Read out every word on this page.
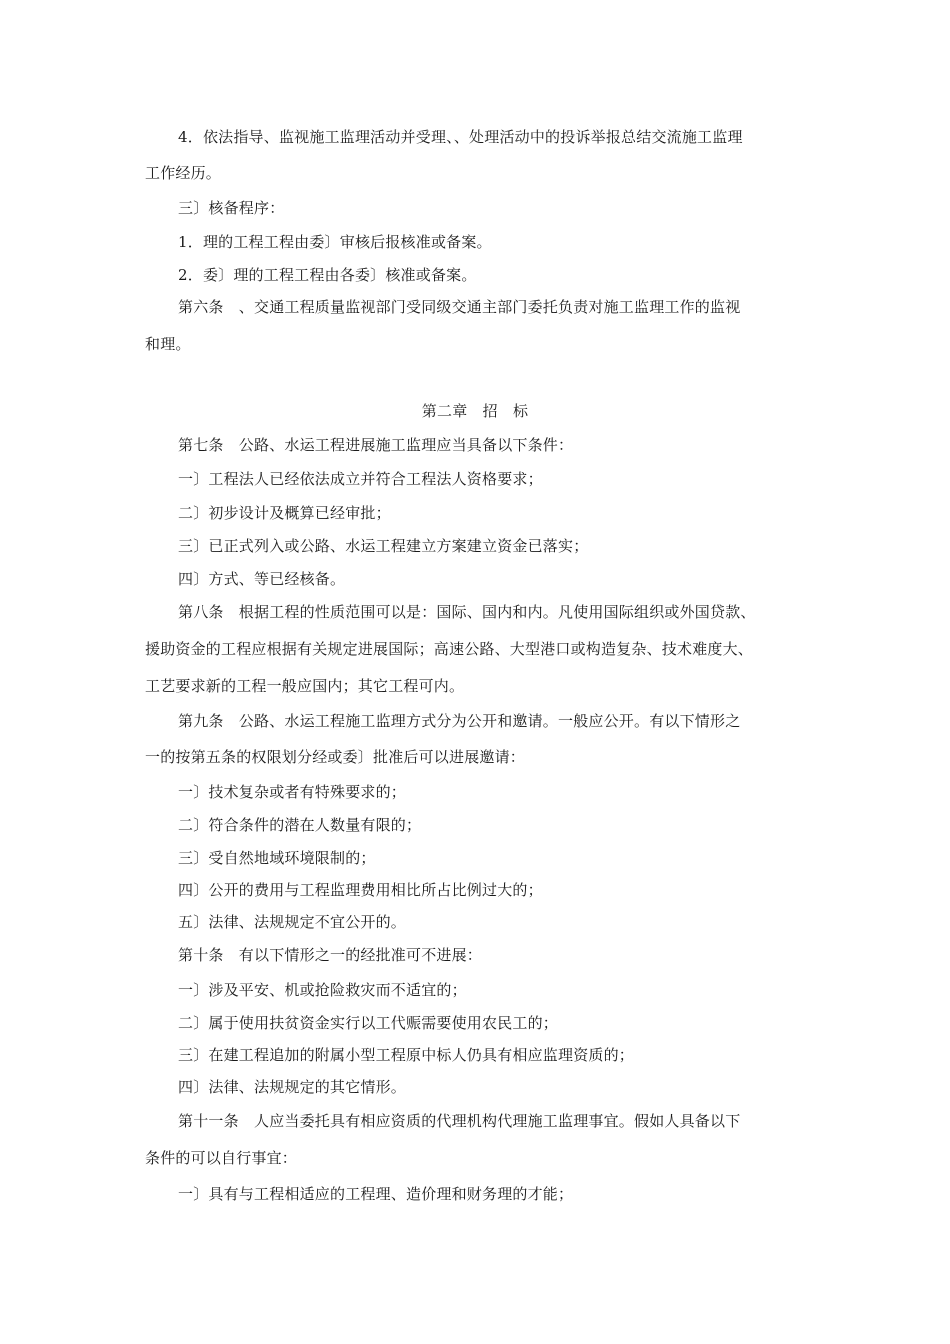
4．依法指导、监视施工监理活动并受理、、处理活动中的投诉举报总结交流施工监理
工作经历。
三〕核备程序：
1．理的工程工程由委〕审核后报核准或备案。
2．委〕理的工程工程由各委〕核准或备案。
第六条　、交通工程质量监视部门受同级交通主部门委托负责对施工监理工作的监视
和理。
第二章　招　标
第七条　公路、水运工程进展施工监理应当具备以下条件：
一〕工程法人已经依法成立并符合工程法人资格要求；
二〕初步设计及概算已经审批；
三〕已正式列入或公路、水运工程建立方案建立资金已落实；
四〕方式、等已经核备。
第八条　根据工程的性质范围可以是：国际、国内和内。凡使用国际组织或外国贷款、
援助资金的工程应根据有关规定进展国际；高速公路、大型港口或构造复杂、技术难度大、
工艺要求新的工程一般应国内；其它工程可内。
第九条　公路、水运工程施工监理方式分为公开和邀请。一般应公开。有以下情形之
一的按第五条的权限划分经或委〕批准后可以进展邀请：
一〕技术复杂或者有特殊要求的；
二〕符合条件的潜在人数量有限的；
三〕受自然地域环境限制的；
四〕公开的费用与工程监理费用相比所占比例过大的；
五〕法律、法规规定不宜公开的。
第十条　有以下情形之一的经批准可不进展：
一〕涉及平安、机或抢险救灾而不适宜的；
二〕属于使用扶贫资金实行以工代赈需要使用农民工的；
三〕在建工程追加的附属小型工程原中标人仍具有相应监理资质的；
四〕法律、法规规定的其它情形。
第十一条　人应当委托具有相应资质的代理机构代理施工监理事宜。假如人具备以下
条件的可以自行事宜：
一〕具有与工程相适应的工程理、造价理和财务理的才能；
